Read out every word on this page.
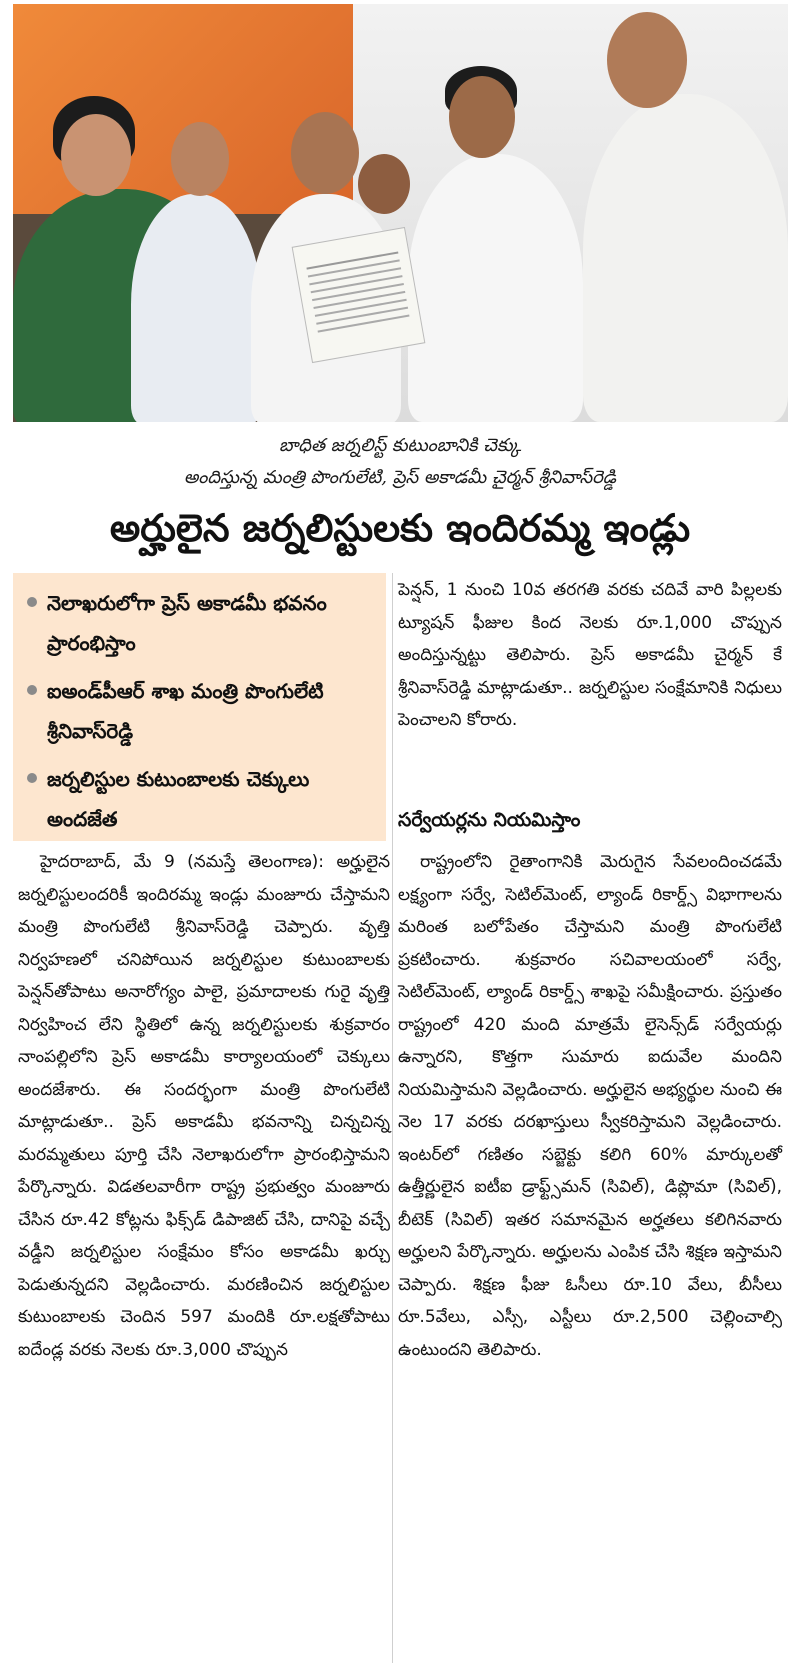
బాధిత జర్నలిస్ట్ కుటుంబానికి చెక్కు
అందిస్తున్న మంత్రి పొంగులేటి, ప్రెస్ అకాడమీ చైర్మన్ శ్రీనివాస్‌రెడ్డి
అర్హులైన జర్నలిస్టులకు ఇందిరమ్మ ఇండ్లు
నెలాఖరులోగా ప్రెస్ అకాడమీ భవనం ప్రారంభిస్తాం
ఐఅండ్‌పీఆర్ శాఖ మంత్రి పొంగులేటి శ్రీనివాస్‌రెడ్డి
జర్నలిస్టుల కుటుంబాలకు చెక్కులు అందజేత

హైదరాబాద్, మే 9 (నమస్తే తెలంగాణ): అర్హులైన జర్నలిస్టులందరికీ ఇందిరమ్మ ఇండ్లు మంజూరు చేస్తామని మంత్రి పొంగులేటి శ్రీనివాస్‌రెడ్డి చెప్పారు. వృత్తి నిర్వహణలో చనిపోయిన జర్నలిస్టుల కుటుంబాలకు పెన్షన్‌తోపాటు అనారోగ్యం పాలై, ప్రమాదాలకు గురై వృత్తి నిర్వహించ లేని స్థితిలో ఉన్న జర్నలిస్టులకు శుక్రవారం నాంపల్లిలోని ప్రెస్ అకాడమీ కార్యాలయంలో చెక్కులు అందజేశారు. ఈ సందర్భంగా మంత్రి పొంగులేటి మాట్లాడుతూ.. ప్రెస్ అకాడమీ భవనాన్ని చిన్నచిన్న మరమ్మతులు పూర్తి చేసి నెలాఖరులోగా ప్రారంభిస్తామని పేర్కొన్నారు. విడతలవారీగా రాష్ట్ర ప్రభుత్వం మంజూరు చేసిన రూ.42 కోట్లను ఫిక్స్‌డ్ డిపాజిట్ చేసి, దానిపై వచ్చే వడ్డీని జర్నలిస్టుల సంక్షేమం కోసం అకాడమీ ఖర్చు పెడుతున్నదని వెల్లడించారు. మరణించిన జర్నలిస్టుల కుటుంబాలకు చెందిన 597 మందికి రూ.లక్షతోపాటు ఐదేండ్ల వరకు నెలకు రూ.3,000 చొప్పున

పెన్షన్, 1 నుంచి 10వ తరగతి వరకు చదివే వారి పిల్లలకు ట్యూషన్ ఫీజుల కింద నెలకు రూ.1,000 చొప్పున అందిస్తున్నట్టు తెలిపారు. ప్రెస్ అకాడమీ చైర్మన్ కే శ్రీనివాస్‌రెడ్డి మాట్లాడుతూ.. జర్నలిస్టుల సంక్షేమానికి నిధులు పెంచాలని కోరారు.

సర్వేయర్లను నియమిస్తాం

రాష్ట్రంలోని రైతాంగానికి మెరుగైన సేవలందించడమే లక్ష్యంగా సర్వే, సెటిల్‌మెంట్, ల్యాండ్ రికార్డ్స్ విభాగాలను మరింత బలోపేతం చేస్తామని మంత్రి పొంగులేటి ప్రకటించారు. శుక్రవారం సచివాలయంలో సర్వే, సెటిల్‌మెంట్, ల్యాండ్ రికార్డ్స్ శాఖపై సమీక్షించారు. ప్రస్తుతం రాష్ట్రంలో 420 మంది మాత్రమే లైసెన్స్‌డ్ సర్వేయర్లు ఉన్నారని, కొత్తగా సుమారు ఐదువేల మందిని నియమిస్తామని వెల్లడించారు. అర్హులైన అభ్యర్థుల నుంచి ఈ నెల 17 వరకు దరఖాస్తులు స్వీకరిస్తామని వెల్లడించారు. ఇంటర్‌లో గణితం సబ్జెక్టు కలిగి 60% మార్కులతో ఉత్తీర్ణులైన ఐటీఐ డ్రాఫ్ట్స్‌మన్ (సివిల్), డిప్లొమా (సివిల్), బీటెక్ (సివిల్) ఇతర సమానమైన అర్హతలు కలిగినవారు అర్హులని పేర్కొన్నారు. అర్హులను ఎంపిక చేసి శిక్షణ ఇస్తామని చెప్పారు. శిక్షణ ఫీజు ఓసీలు రూ.10 వేలు, బీసీలు రూ.5వేలు, ఎస్సీ, ఎస్టీలు రూ.2,500 చెల్లించాల్సి ఉంటుందని తెలిపారు.
